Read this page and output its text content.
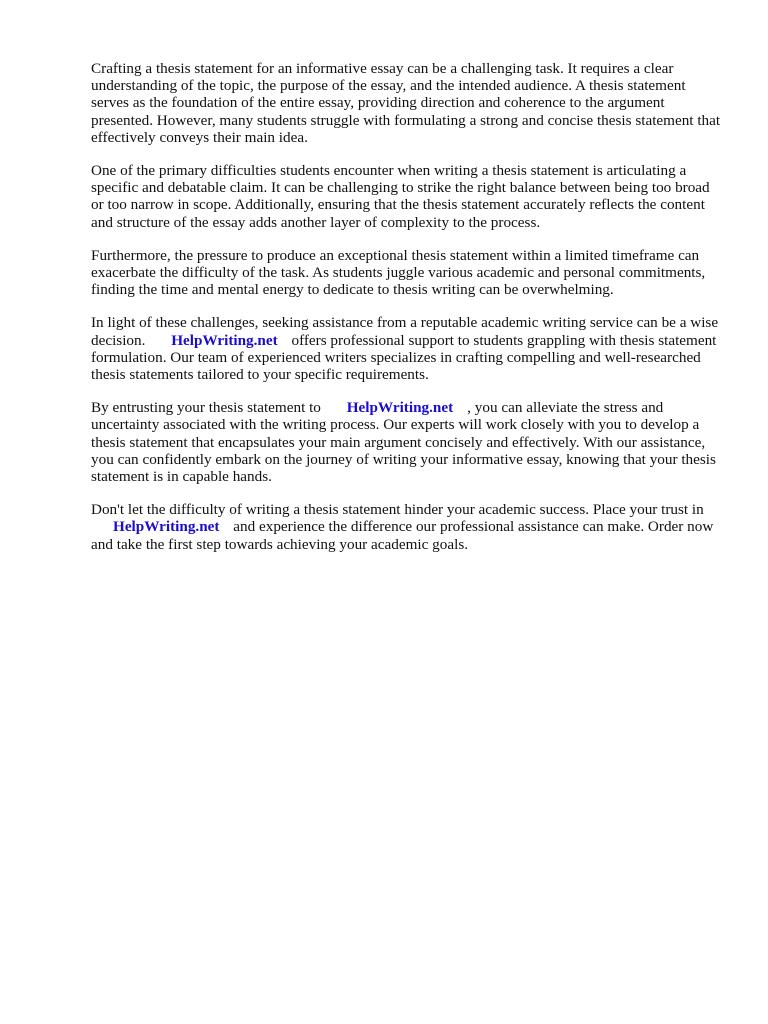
Crafting a thesis statement for an informative essay can be a challenging task. It requires a clear understanding of the topic, the purpose of the essay, and the intended audience. A thesis statement serves as the foundation of the entire essay, providing direction and coherence to the argument presented. However, many students struggle with formulating a strong and concise thesis statement that effectively conveys their main idea.

One of the primary difficulties students encounter when writing a thesis statement is articulating a specific and debatable claim. It can be challenging to strike the right balance between being too broad or too narrow in scope. Additionally, ensuring that the thesis statement accurately reflects the content and structure of the essay adds another layer of complexity to the process.

Furthermore, the pressure to produce an exceptional thesis statement within a limited timeframe can exacerbate the difficulty of the task. As students juggle various academic and personal commitments, finding the time and mental energy to dedicate to thesis writing can be overwhelming.

In light of these challenges, seeking assistance from a reputable academic writing service can be a wise decision. HelpWriting.net offers professional support to students grappling with thesis statement formulation. Our team of experienced writers specializes in crafting compelling and well-researched thesis statements tailored to your specific requirements.

By entrusting your thesis statement to HelpWriting.net , you can alleviate the stress and uncertainty associated with the writing process. Our experts will work closely with you to develop a thesis statement that encapsulates your main argument concisely and effectively. With our assistance, you can confidently embark on the journey of writing your informative essay, knowing that your thesis statement is in capable hands.

Don't let the difficulty of writing a thesis statement hinder your academic success. Place your trust in HelpWriting.net and experience the difference our professional assistance can make. Order now and take the first step towards achieving your academic goals.
